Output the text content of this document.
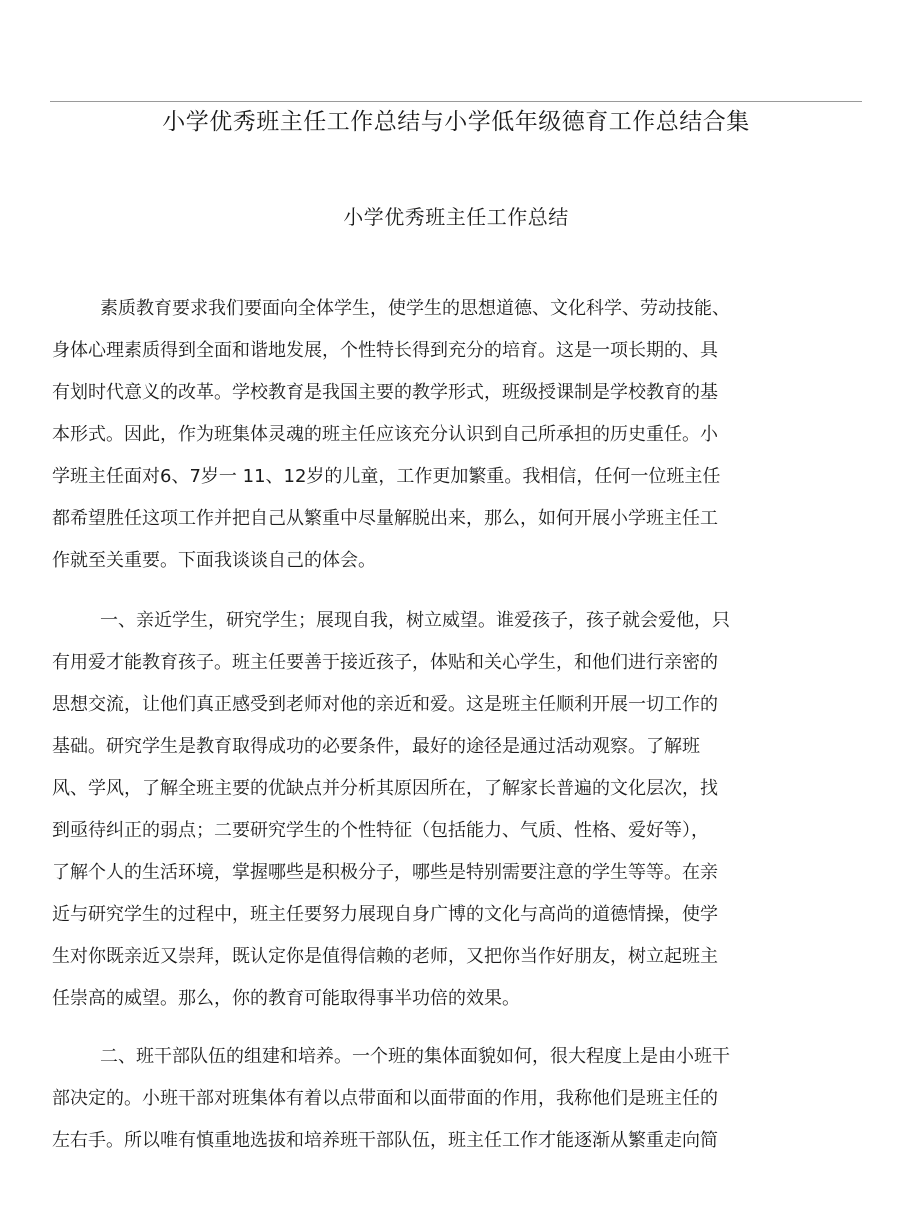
小学优秀班主任工作总结与小学低年级德育工作总结合集
小学优秀班主任工作总结

素质教育要求我们要面向全体学生，使学生的思想道德、文化科学、劳动技能、
身体心理素质得到全面和谐地发展，个性特长得到充分的培育。这是一项长期的、具
有划时代意义的改革。学校教育是我国主要的教学形式，班级授课制是学校教育的基
本形式。因此，作为班集体灵魂的班主任应该充分认识到自己所承担的历史重任。小
学班主任面对6、7岁一 11、12岁的儿童，工作更加繁重。我相信，任何一位班主任
都希望胜任这项工作并把自己从繁重中尽量解脱出来，那么，如何开展小学班主任工
作就至关重要。下面我谈谈自己的体会。

一、亲近学生，研究学生；展现自我，树立威望。谁爱孩子，孩子就会爱他，只
有用爱才能教育孩子。班主任要善于接近孩子，体贴和关心学生，和他们进行亲密的
思想交流，让他们真正感受到老师对他的亲近和爱。这是班主任顺利开展一切工作的
基础。研究学生是教育取得成功的必要条件，最好的途径是通过活动观察。了解班
风、学风，了解全班主要的优缺点并分析其原因所在，了解家长普遍的文化层次，找
到亟待纠正的弱点；二要研究学生的个性特征（包括能力、气质、性格、爱好等），
了解个人的生活环境，掌握哪些是积极分子，哪些是特别需要注意的学生等等。在亲
近与研究学生的过程中，班主任要努力展现自身广博的文化与高尚的道德情操，使学
生对你既亲近又崇拜，既认定你是值得信赖的老师，又把你当作好朋友，树立起班主
任崇高的威望。那么，你的教育可能取得事半功倍的效果。

二、班干部队伍的组建和培养。一个班的集体面貌如何，很大程度上是由小班干
部决定的。小班干部对班集体有着以点带面和以面带面的作用，我称他们是班主任的
左右手。所以唯有慎重地选拔和培养班干部队伍，班主任工作才能逐渐从繁重走向简
